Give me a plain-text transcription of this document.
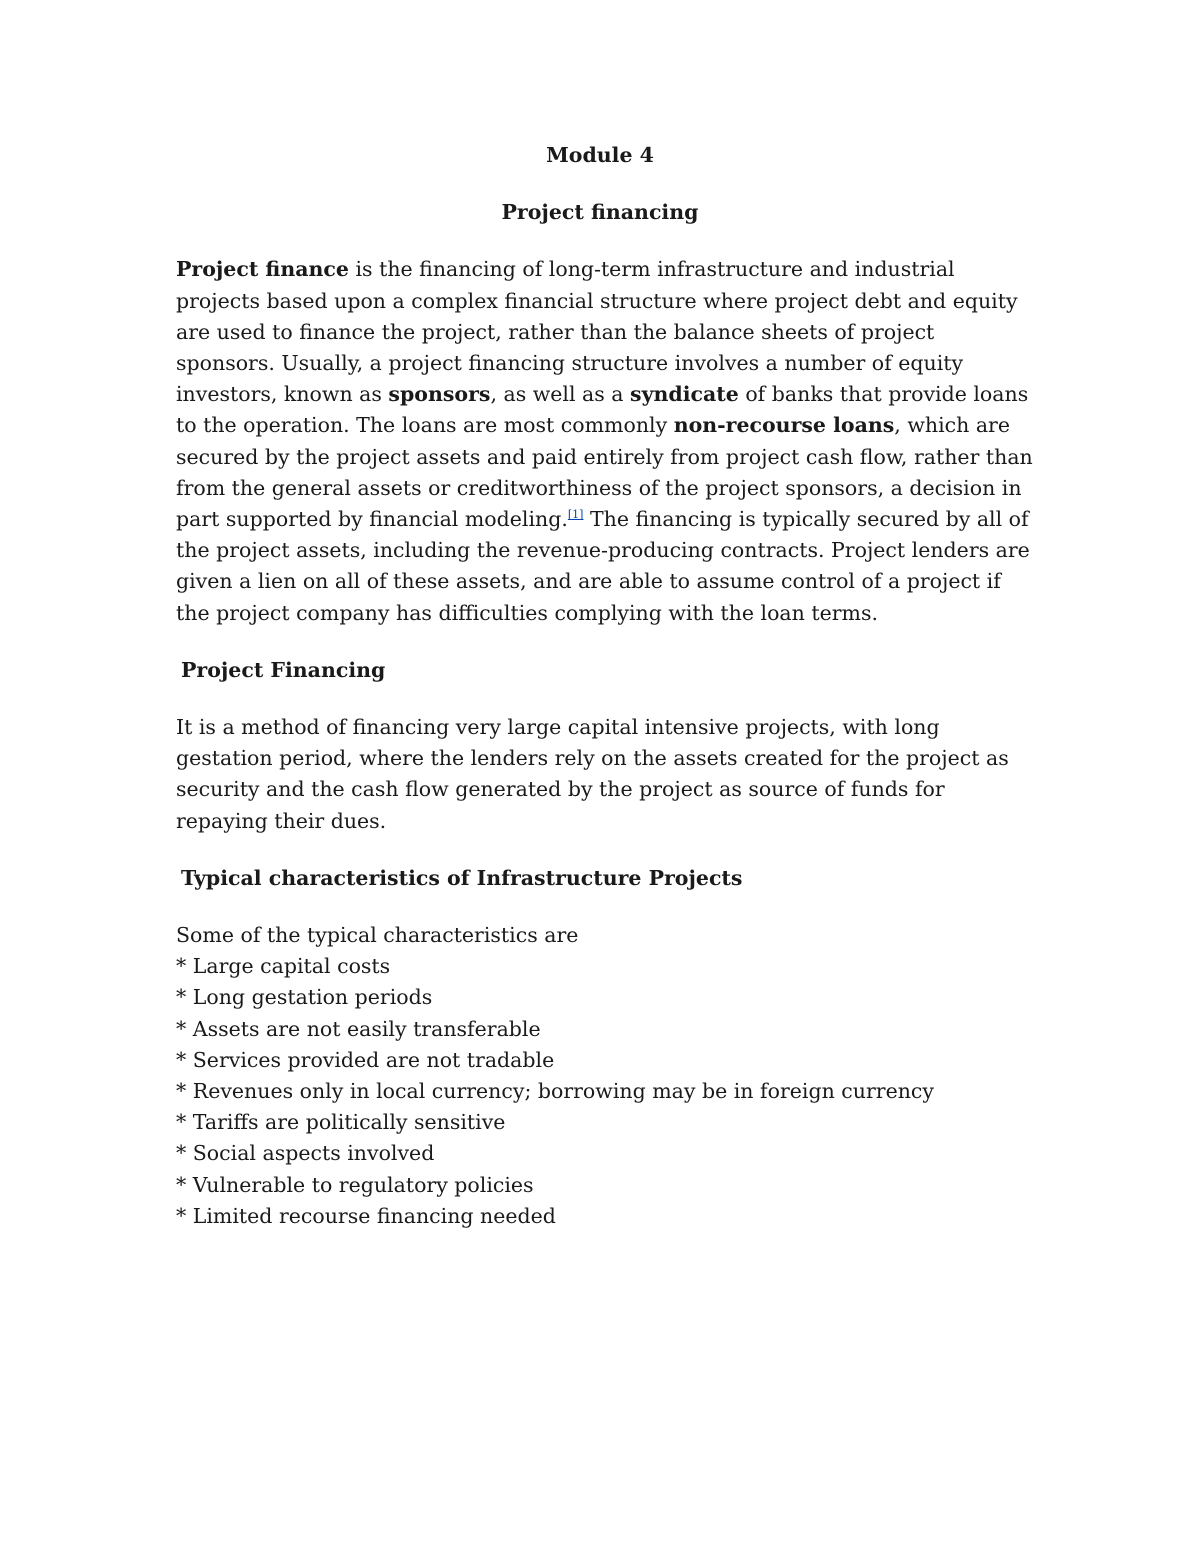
Module 4

Project financing

Project finance is the financing of long-term infrastructure and industrial projects based upon a complex financial structure where project debt and equity are used to finance the project, rather than the balance sheets of project sponsors. Usually, a project financing structure involves a number of equity investors, known as sponsors, as well as a syndicate of banks that provide loans to the operation. The loans are most commonly non-recourse loans, which are secured by the project assets and paid entirely from project cash flow, rather than from the general assets or creditworthiness of the project sponsors, a decision in part supported by financial modeling.[1] The financing is typically secured by all of the project assets, including the revenue-producing contracts. Project lenders are given a lien on all of these assets, and are able to assume control of a project if the project company has difficulties complying with the loan terms.

Project Financing

It is a method of financing very large capital intensive projects, with long gestation period, where the lenders rely on the assets created for the project as security and the cash flow generated by the project as source of funds for repaying their dues.

Typical characteristics of Infrastructure Projects

Some of the typical characteristics are

* Large capital costs
* Long gestation periods
* Assets are not easily transferable
* Services provided are not tradable
* Revenues only in local currency; borrowing may be in foreign currency
* Tariffs are politically sensitive
* Social aspects involved
* Vulnerable to regulatory policies
* Limited recourse financing needed
